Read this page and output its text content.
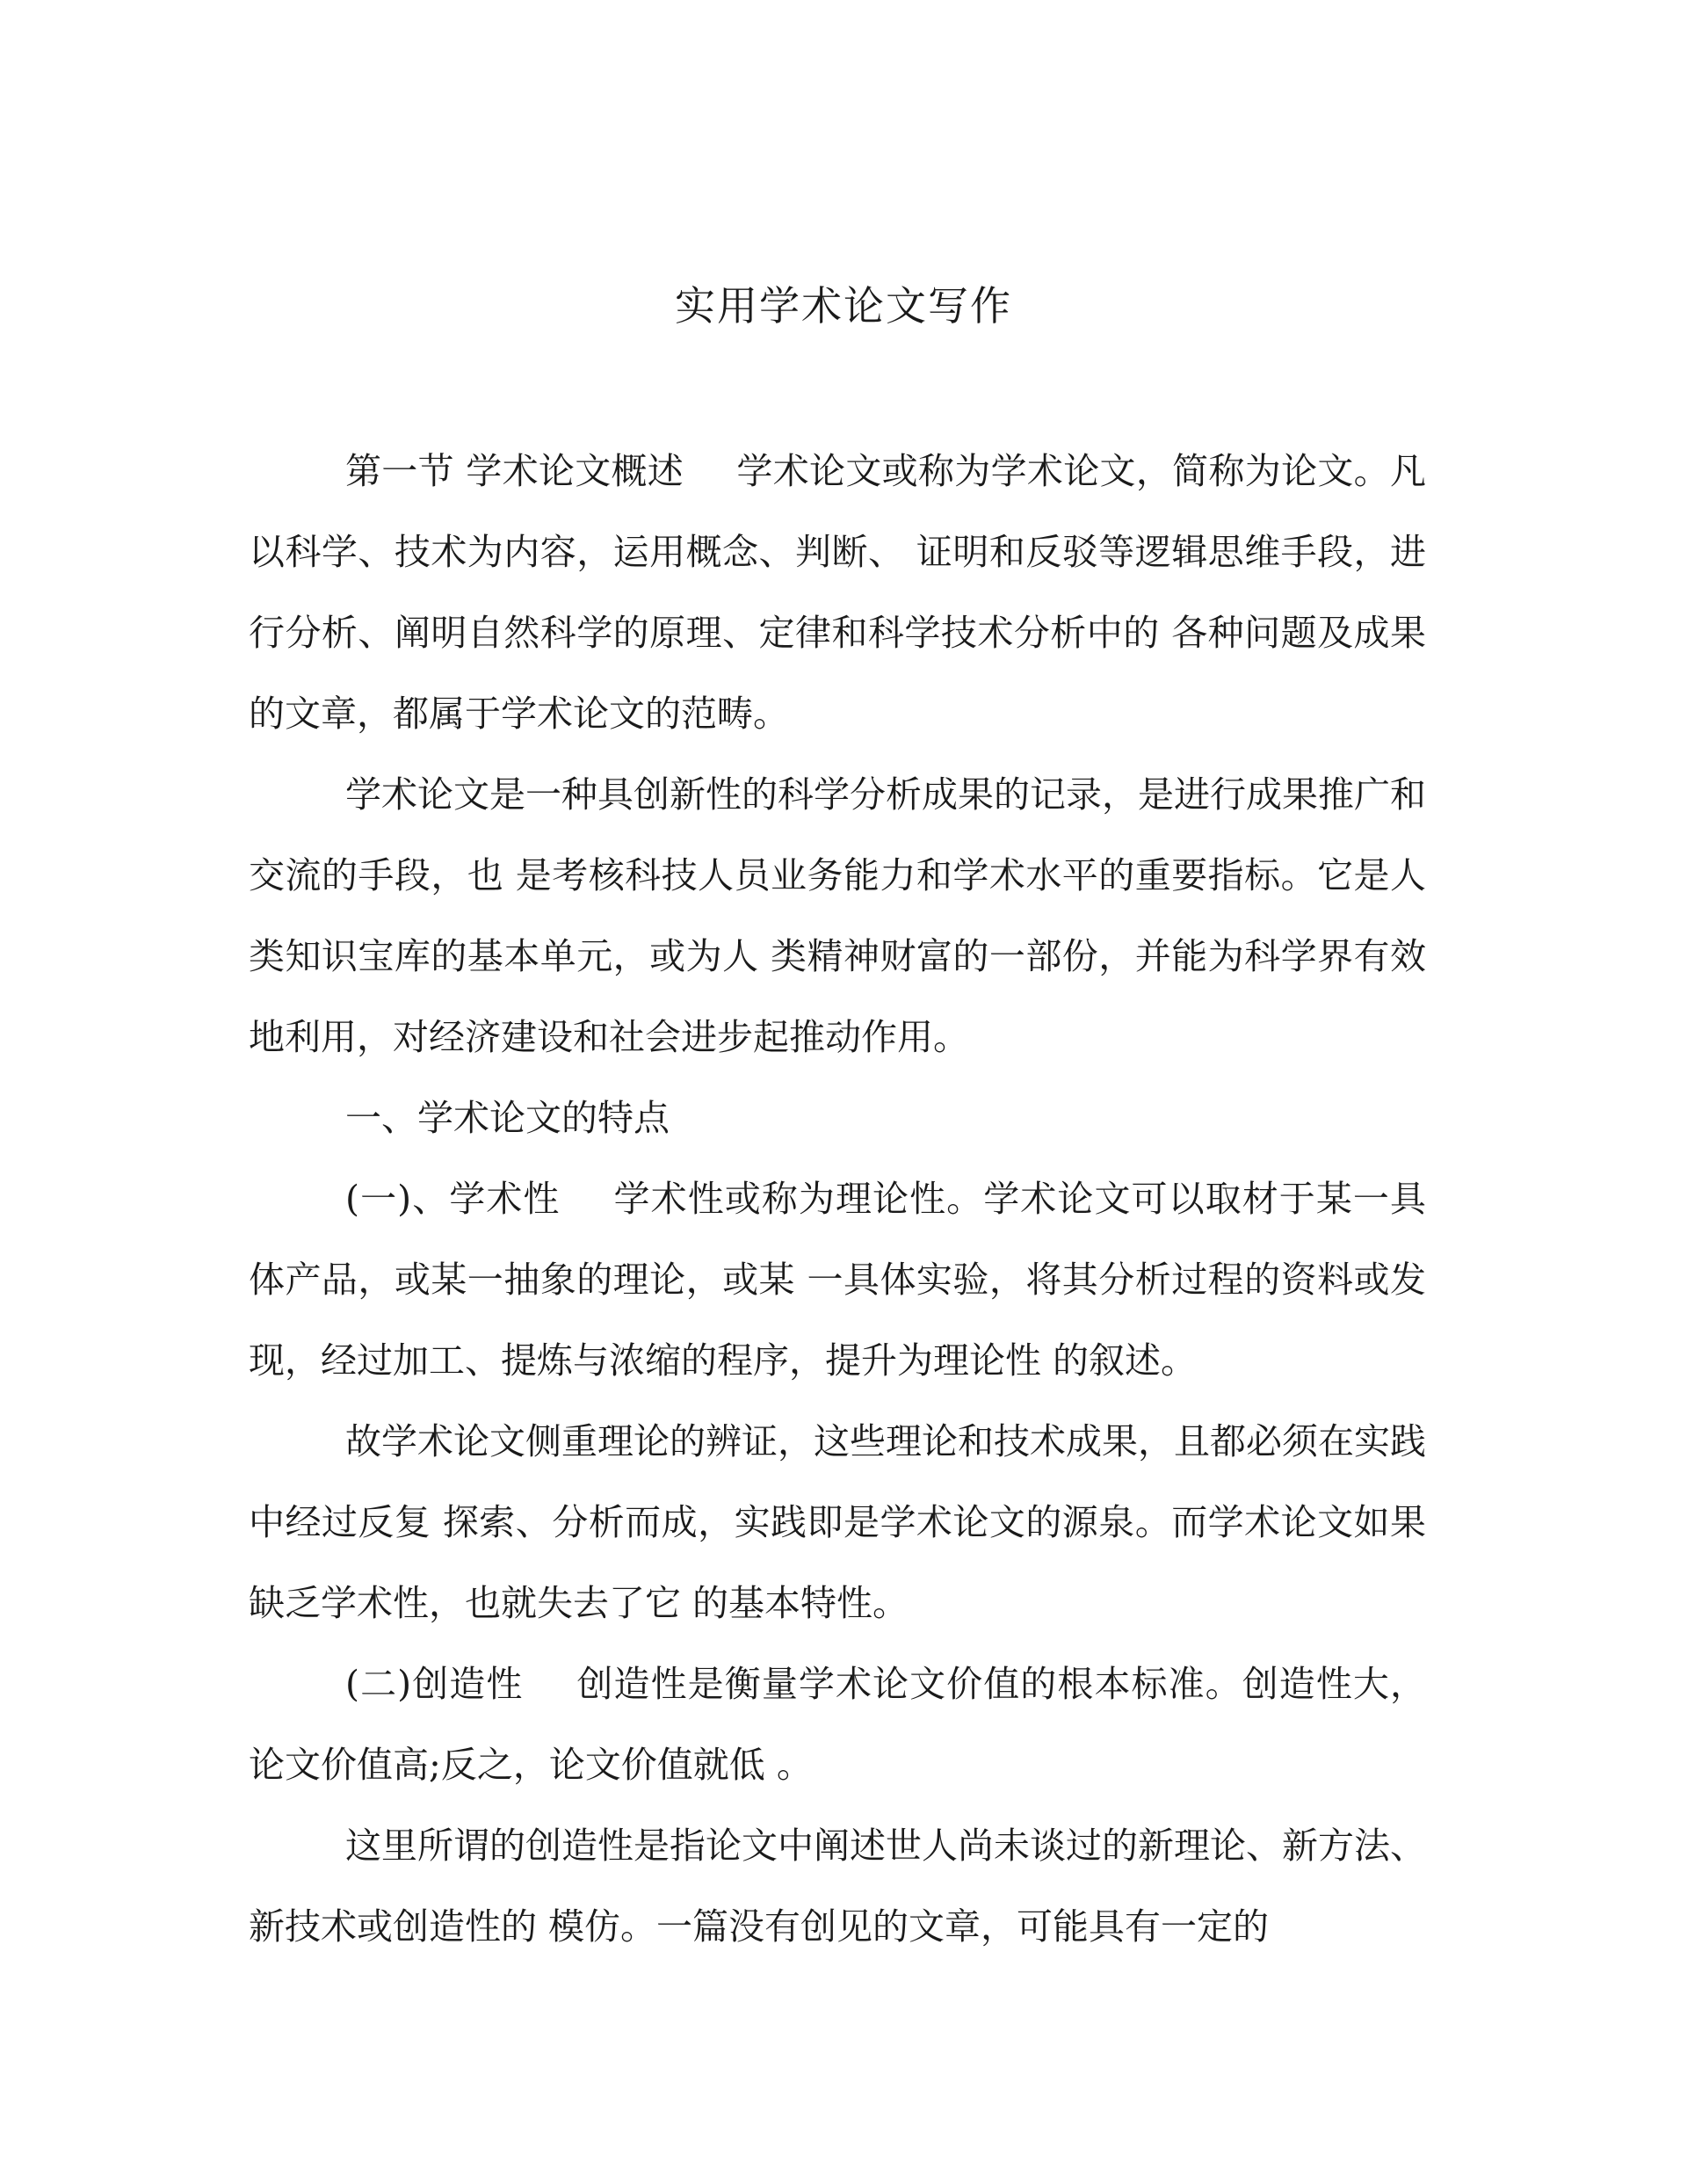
实用学术论文写作

第一节 学术论文概述 学术论文或称为学术论文，简称为论文。凡以科学、技术为内容，运用概念、判断、 证明和反驳等逻辑思维手段，进行分析、阐明自然科学的原理、定律和科学技术分析中的 各种问题及成果的文章，都属于学术论文的范畴。

学术论文是一种具创新性的科学分析成果的记录，是进行成果推广和交流的手段，也 是考核科技人员业务能力和学术水平的重要指标。它是人类知识宝库的基本单元，或为人 类精神财富的一部份，并能为科学界有效地利用，对经济建设和社会进步起推动作用。

一、学术论文的特点

(一)、学术性 学术性或称为理论性。学术论文可以取材于某一具体产品，或某一抽象的理论，或某 一具体实验，将其分析过程的资料或发现，经过加工、提炼与浓缩的程序，提升为理论性 的叙述。

故学术论文侧重理论的辨证，这些理论和技术成果，且都必须在实践中经过反复 探索、分析而成，实践即是学术论文的源泉。而学术论文如果缺乏学术性，也就失去了它 的基本特性。

(二)创造性 创造性是衡量学术论文价值的根本标准。创造性大，论文价值高;反之，论文价值就低 。

这里所谓的创造性是指论文中阐述世人尚未谈过的新理论、新方法、新技术或创造性的 模仿。一篇没有创见的文章，可能具有一定的
